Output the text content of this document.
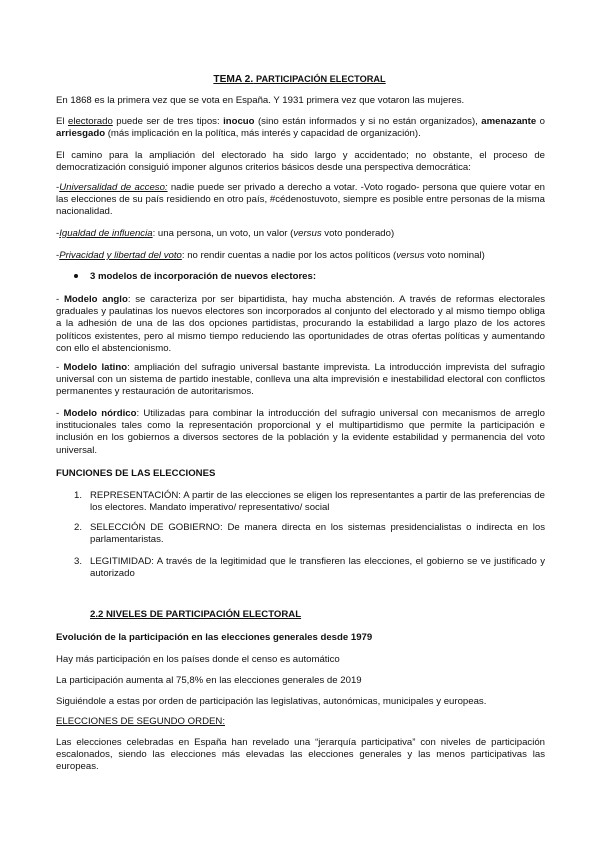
TEMA 2. PARTICIPACIÓN ELECTORAL

En 1868 es la primera vez que se vota en España. Y 1931 primera vez que votaron las mujeres.

El electorado puede ser de tres tipos: inocuo (sino están informados y si no están organizados), amenazante o arriesgado (más implicación en la política, más interés y capacidad de organización).

El camino para la ampliación del electorado ha sido largo y accidentado; no obstante, el proceso de democratización consiguió imponer algunos criterios básicos desde una perspectiva democrática:

-Universalidad de acceso: nadie puede ser privado a derecho a votar. -Voto rogado- persona que quiere votar en las elecciones de su país residiendo en otro país, #cédenostuvoto, siempre es posible entre personas de la misma nacionalidad.

-Igualdad de influencia: una persona, un voto, un valor (versus voto ponderado)

-Privacidad y libertad del voto: no rendir cuentas a nadie por los actos políticos (versus voto nominal)

3 modelos de incorporación de nuevos electores:

- Modelo anglo: se caracteriza por ser bipartidista, hay mucha abstención. A través de reformas electorales graduales y paulatinas los nuevos electores son incorporados al conjunto del electorado y al mismo tiempo obliga a la adhesión de una de las dos opciones partidistas, procurando la estabilidad a largo plazo de los actores políticos existentes, pero al mismo tiempo reduciendo las oportunidades de otras ofertas políticas y aumentando con ello el abstencionismo.

- Modelo latino: ampliación del sufragio universal bastante imprevista. La introducción imprevista del sufragio universal con un sistema de partido inestable, conlleva una alta imprevisión e inestabilidad electoral con conflictos permanentes y restauración de autoritarismos.

- Modelo nórdico: Utilizadas para combinar la introducción del sufragio universal con mecanismos de arreglo institucionales tales como la representación proporcional y el multipartidismo que permite la participación e inclusión en los gobiernos a diversos sectores de la población y la evidente estabilidad y permanencia del voto universal.

FUNCIONES DE LAS ELECCIONES
1. REPRESENTACIÓN: A partir de las elecciones se eligen los representantes a partir de las preferencias de los electores. Mandato imperativo/ representativo/ social
2. SELECCIÓN DE GOBIERNO: De manera directa en los sistemas presidencialistas o indirecta en los parlamentaristas.
3. LEGITIMIDAD: A través de la legitimidad que le transfieren las elecciones, el gobierno se ve justificado y autorizado
2.2 NIVELES DE PARTICIPACIÓN ELECTORAL
Evolución de la participación en las elecciones generales desde 1979

Hay más participación en los países donde el censo es automático

La participación aumenta al 75,8% en las elecciones generales de 2019

Siguiéndole a estas por orden de participación las legislativas, autonómicas, municipales y europeas.

ELECCIONES DE SEGUNDO ORDEN:

Las elecciones celebradas en España han revelado una “jerarquía participativa” con niveles de participación escalonados, siendo las elecciones más elevadas las elecciones generales y las menos participativas las europeas.
